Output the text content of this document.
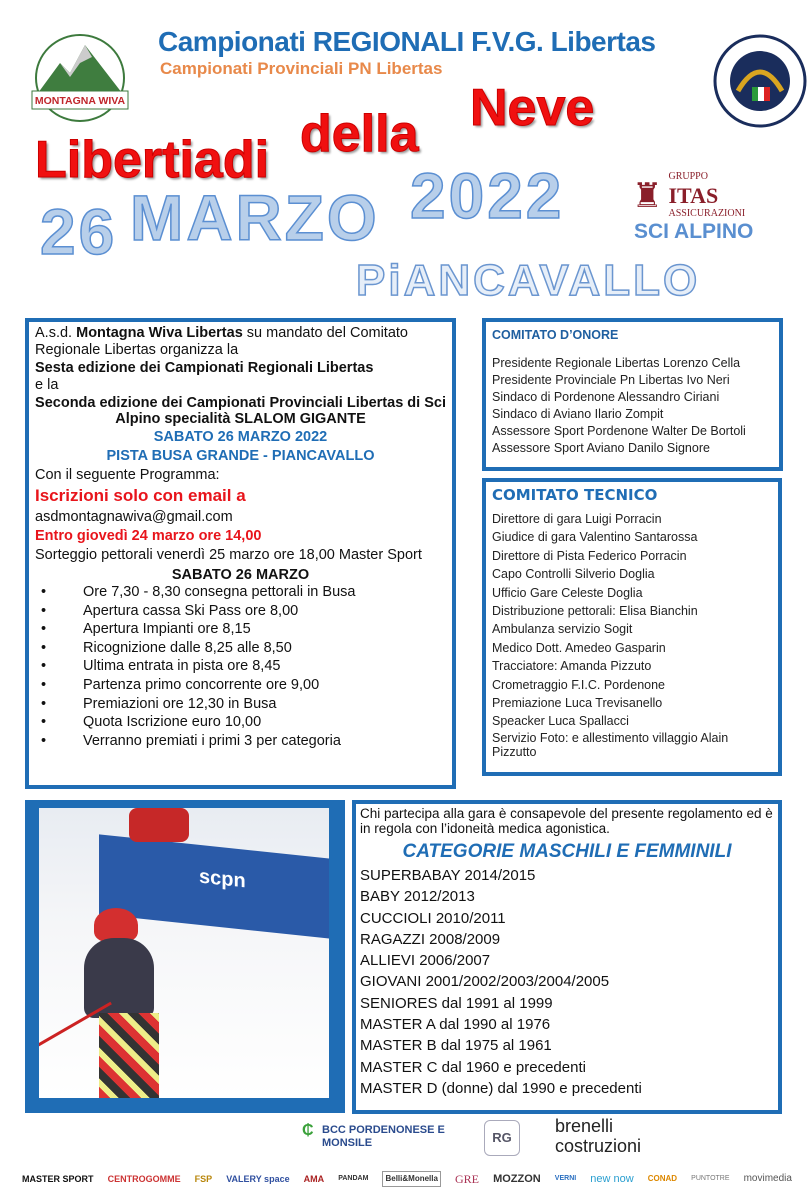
MONTAGNA WIVA
Campionati REGIONALI F.V.G. Libertas
Campionati Provinciali PN Libertas
Libertiadi della Neve
26 MARZO 2022 ♜ GRUPPO
ITAS
ASSICURAZIONI
SCI ALPINO
PiANCAVALLO
A.s.d. Montagna Wiva Libertas su mandato del Comitato Regionale Libertas organizza la
Sesta edizione dei Campionati Regionali Libertas
e la
Seconda edizione dei Campionati Provinciali Libertas di Sci Alpino specialità SLALOM GIGANTE
SABATO 26 MARZO 2022
PISTA BUSA GRANDE - PIANCAVALLO
Con il seguente Programma:
Iscrizioni solo con email a
asdmontagnawiva@gmail.com
Entro giovedì 24 marzo ore 14,00
Sorteggio pettorali venerdì 25 marzo ore 18,00 Master Sport
SABATO 26 MARZO
• Ore 7,30 - 8,30 consegna pettorali in Busa
• Apertura cassa Ski Pass ore 8,00
• Apertura Impianti ore 8,15
• Ricognizione dalle 8,25 alle 8,50
• Ultima entrata in pista ore 8,45
• Partenza primo concorrente ore 9,00
• Premiazioni ore 12,30 in Busa
• Quota Iscrizione euro 10,00
• Verranno premiati i primi 3 per categoria
COMITATO D’ONORE
Presidente Regionale Libertas Lorenzo Cella
Presidente Provinciale Pn Libertas Ivo Neri
Sindaco di Pordenone Alessandro Ciriani
Sindaco di Aviano Ilario Zompit
Assessore Sport Pordenone Walter De Bortoli
Assessore Sport Aviano Danilo Signore
COMITATO TECNICO
Direttore di gara Luigi Porracin
Giudice di gara Valentino Santarossa
Direttore di Pista Federico Porracin
Capo Controlli Silverio Doglia
Ufficio Gare Celeste Doglia
Distribuzione pettorali: Elisa Bianchin
Ambulanza servizio Sogit
Medico Dott. Amedeo Gasparin
Tracciatore: Amanda Pizzuto
Crometraggio F.I.C. Pordenone
Premiazione Luca Trevisanello
Speacker Luca Spallacci
Servizio Foto: e allestimento villaggio Alain Pizzutto
scpn
Chi partecipa alla gara è consapevole del presente regolamento ed è in regola con l’idoneità medica agonistica.
CATEGORIE MASCHILI E FEMMINILI
SUPERBABAY 2014/2015
BABY 2012/2013
CUCCIOLI 2010/2011
RAGAZZI 2008/2009
ALLIEVI 2006/2007
GIOVANI 2001/2002/2003/2004/2005
SENIORES dal 1991 al 1999
MASTER A dal 1990 al 1976
MASTER B dal 1975 al 1961
MASTER C dal 1960 e precedenti
MASTER D (donne) dal 1990 e precedenti
₵ BCC PORDENONESE E MONSILE	RG
brenelli costruzioni
MASTER SPORT CENTROGOMME FSP VALERY space AMA PANDAM	Belli&Monella GRE MOZZON VERNI new now CONAD PUNTOTRE movimedia
